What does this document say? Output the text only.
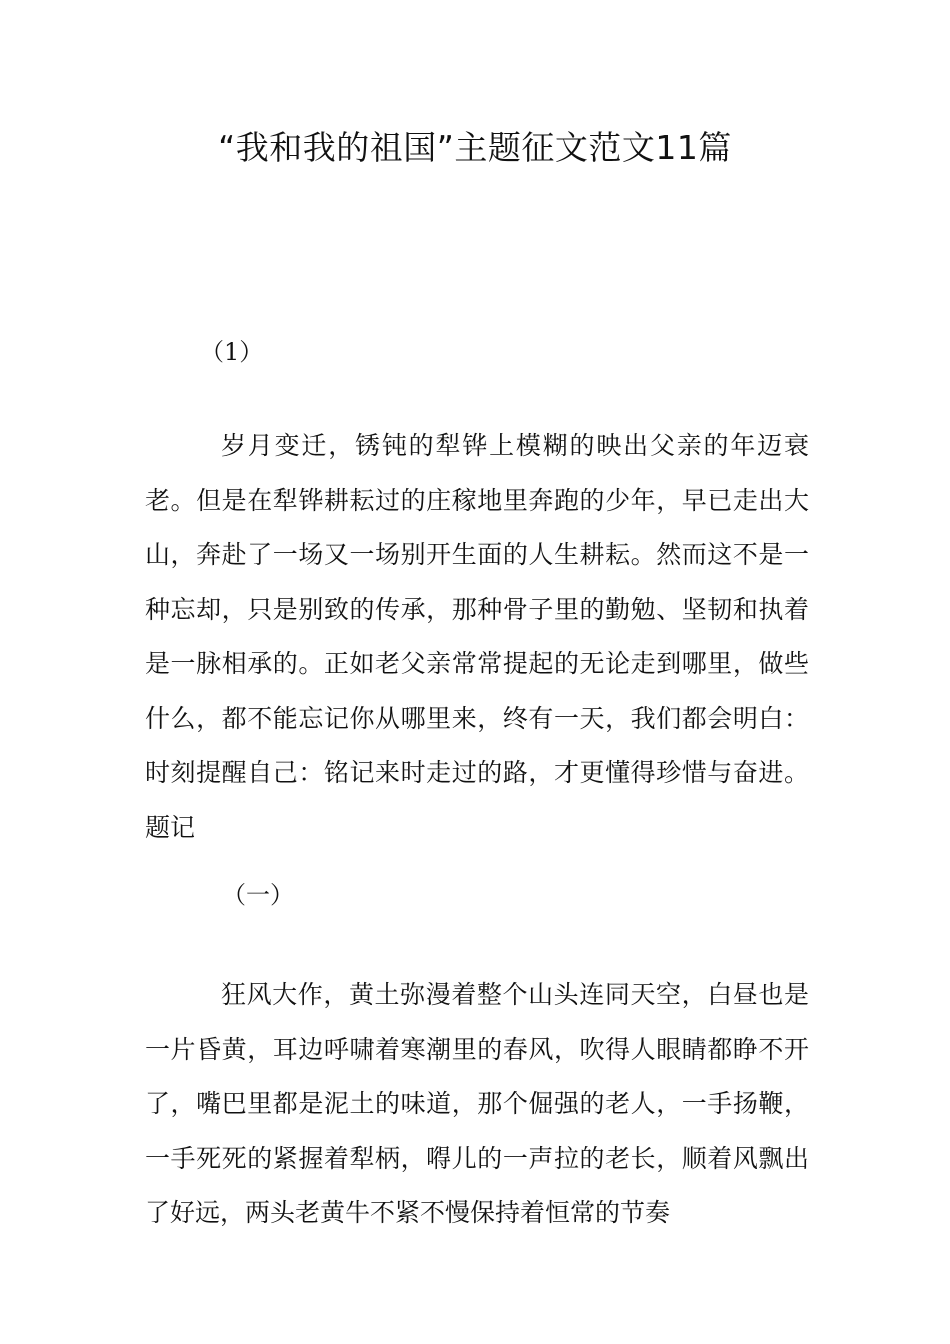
“我和我的祖国”主题征文范文11篇

（1）

岁月变迁，锈钝的犁铧上模糊的映出父亲的年迈衰老。但是在犁铧耕耘过的庄稼地里奔跑的少年，早已走出大山，奔赴了一场又一场别开生面的人生耕耘。然而这不是一种忘却，只是别致的传承，那种骨子里的勤勉、坚韧和执着是一脉相承的。正如老父亲常常提起的无论走到哪里，做些什么，都不能忘记你从哪里来，终有一天，我们都会明白：时刻提醒自己：铭记来时走过的路，才更懂得珍惜与奋进。题记

（一）

狂风大作，黄土弥漫着整个山头连同天空，白昼也是一片昏黄，耳边呼啸着寒潮里的春风，吹得人眼睛都睁不开了，嘴巴里都是泥土的味道，那个倔强的老人，一手扬鞭，一手死死的紧握着犁柄，嘚儿的一声拉的老长，顺着风飘出了好远，两头老黄牛不紧不慢保持着恒常的节奏
